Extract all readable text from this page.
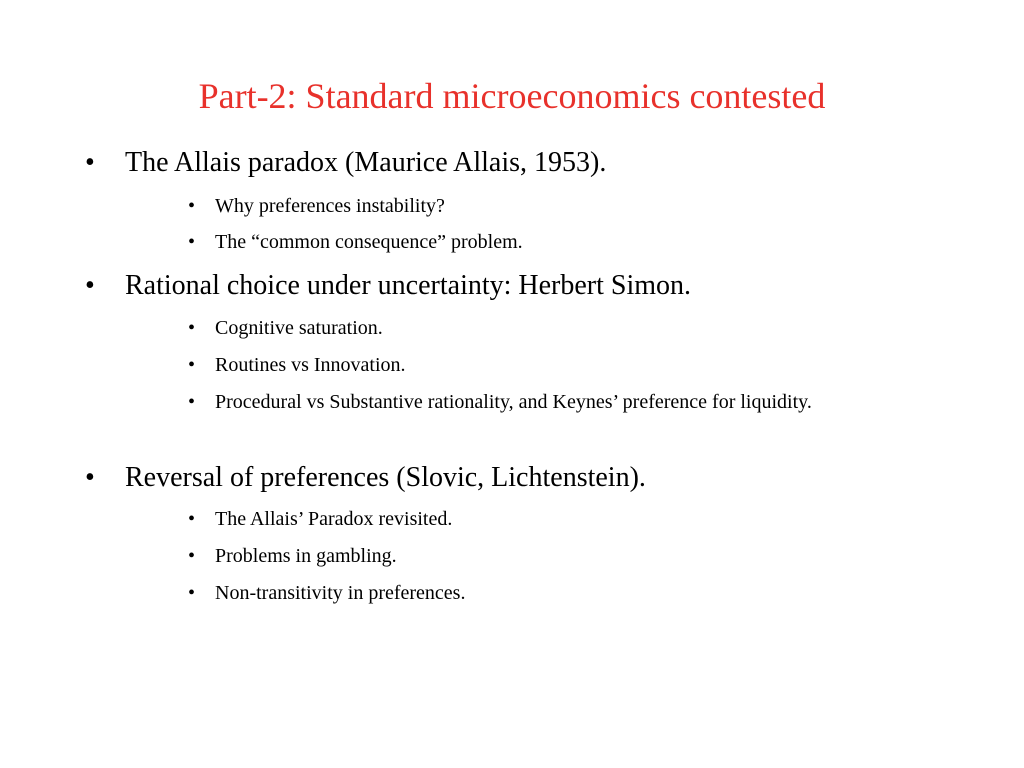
Part-2: Standard microeconomics contested
• The Allais paradox (Maurice Allais, 1953).
• Why preferences instability?
• The “common consequence” problem.
• Rational choice under uncertainty: Herbert Simon.
• Cognitive saturation.
• Routines vs Innovation.
• Procedural vs Substantive rationality, and Keynes’ preference for liquidity.
• Reversal of preferences (Slovic, Lichtenstein).
• The Allais’ Paradox revisited.
• Problems in gambling.
• Non-transitivity in preferences.
